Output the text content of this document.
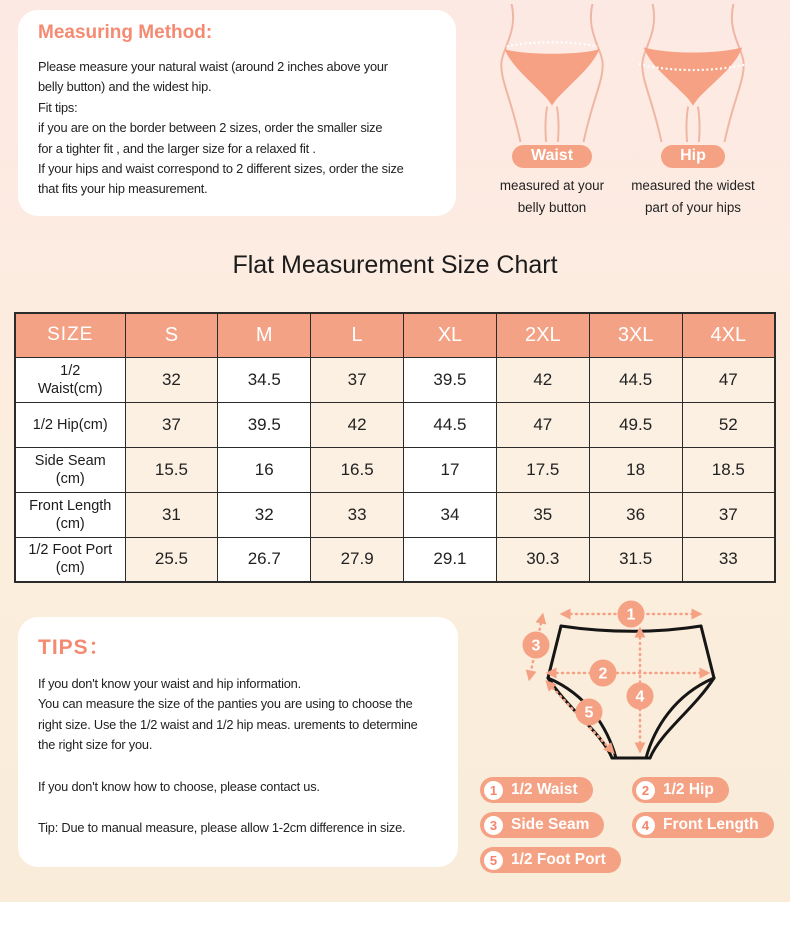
Measuring Method:
Please measure your natural waist (around 2 inches above your
belly button) and the widest hip.
Fit tips:
if you are on the border between 2 sizes, order the smaller size
for a tighter fit , and the larger size for a relaxed fit .
If your hips and waist correspond to 2 different sizes, order the size
that fits your hip measurement.
Waist
measured at your
belly button
Hip
measured the widest
part of your hips
Flat Measurement Size Chart
SIZE	S	M	L	XL	2XL	3XL	4XL
1/2 Waist(cm)	32	34.5	37	39.5	42	44.5	47
1/2 Hip(cm)	37	39.5	42	44.5	47	49.5	52
Side Seam (cm)	15.5	16	16.5	17	17.5	18	18.5
Front Length (cm)	31	32	33	34	35	36	37
1/2 Foot Port (cm)	25.5	26.7	27.9	29.1	30.3	31.5	33
TIPS：
If you don't know your waist and hip information.
You can measure the size of the panties you are using to choose the
right size. Use the 1/2 waist and 1/2 hip meas. urements to determine
the right size for you.
If you don't know how to choose, please contact us.
Tip: Due to manual measure, please allow 1-2cm difference in size.
1
2
3
4
5
1 1/2 Waist	2 1/2 Hip
3 Side Seam	4 Front Length
5 1/2 Foot Port
